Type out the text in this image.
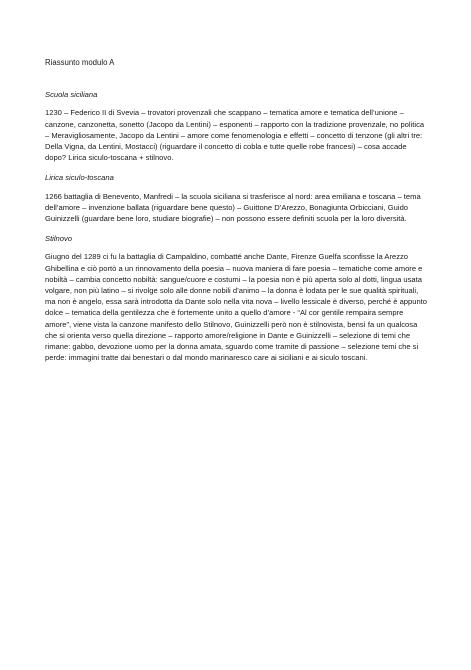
Riassunto modulo A

Scuola siciliana

1230 – Federico II di Svevia – trovatori provenzali che scappano – tematica amore e tematica dell’unione – canzone, canzonetta, sonetto (Jacopo da Lentini) – esponenti – rapporto con la tradizione provenzale, no politica – Meravigliosamente, Jacopo da Lentini – amore come fenomenologia e effetti – concetto di tenzone (gli altri tre: Della Vigna, da Lentini, Mostacci) (riguardare il concetto di cobla e tutte quelle robe francesi) – cosa accade dopo? Lirica siculo-toscana + stilnovo.

Lirica siculo-toscana

1266 battaglia di Benevento, Manfredi – la scuola siciliana si trasferisce al nord: area emiliana e toscana – tema dell’amore – invenzione ballata (riguardare bene questo) – Guittone D’Arezzo, Bonagiunta Orbicciani, Guido Guinizzelli (guardare bene loro, studiare biografie) – non possono essere definiti scuola per la loro diversità.

Stilnovo

Giugno del 1289 ci fu la battaglia di Campaldino, combatté anche Dante, Firenze Guelfa sconfisse la Arezzo Ghibellina e ciò portò a un rinnovamento della poesia – nuova maniera di fare poesia – tematiche come amore e nobiltà – cambia concetto nobiltà: sangue/cuore e costumi – la poesia non è più aperta solo al dotti, lingua usata volgare, non più latino – si rivolge solo alle donne nobili d’animo – la donna è lodata per le sue qualità spirituali, ma non è angelo, essa sarà introdotta da Dante solo nella vita nova – livello lessicale è diverso, perché è appunto dolce – tematica della gentilezza che è fortemente unito a quello d’amore - “Al cor gentile rempaira sempre amore”, viene vista la canzone manifesto dello Stilnovo, Guinizzelli però non è stilnovista, bensì fa un qualcosa che si orienta verso quella direzione – rapporto amore/religione in Dante e Guinizzelli – selezione di temi che rimane: gabbo, devozione uomo per la donna amata, sguardo come tramite di passione – selezione temi che si perde: immagini tratte dai benestari o dal mondo marinaresco care ai siciliani e ai siculo toscani.
